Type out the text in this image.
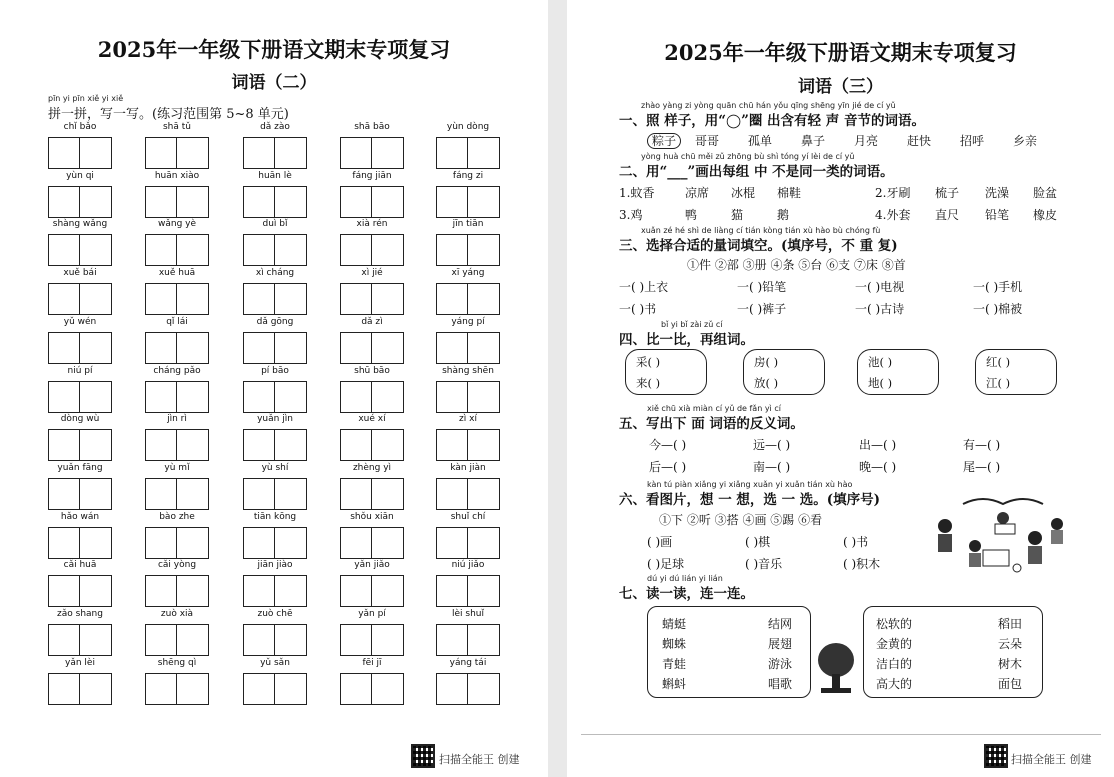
2025年一年级下册语文期末专项复习
词语（二）
pīn yi pīn xiě yi xiě
拼一拼，写一写。(练习范围第 5~8 单元)
chǐ bǎo	shā tǔ	dǎ zào	shā bāo	yùn dòng
yùn qi	huān xiào	huān lè	fáng jiān	fáng zi
shàng wǎng	wǎng yè	duì bǐ	xià rén	jīn tiān
xuě bái	xuě huā	xì cháng	xì jié	xī yáng
yǔ wén	qǐ lái	dǎ gōng	dǎ zì	yáng pí
niú pí	cháng pǎo	pí bāo	shū bāo	shàng shēn
dòng wù	jìn rì	yuǎn jìn	xué xí	zì xí
yuǎn fāng	yù mǐ	yù shí	zhèng yì	kàn jiàn
hǎo wán	bào zhe	tiān kōng	shǒu xiān	shuǐ chí
cǎi huā	cǎi yòng	jiān jiào	yǎn jiǎo	niú jiǎo
zǎo shang	zuò xià	zuò chē	yǎn pí	lèi shuǐ
yǎn lèi	shēng qì	yǔ sǎn	fēi jī	yáng tái
扫描全能王 创建
2025年一年级下册语文期末专项复习
词语（三）
zhào yàng zi yòng quān chū hán yǒu qīng shēng yīn jié de cí yǔ
一、照 样子，用“◯”圈 出含有轻 声 音节的词语。
粽子	哥哥 孤单 鼻子 月亮 赶快 招呼 乡亲
yòng huà chū měi zǔ zhōng bù shì tóng yí lèi de cí yǔ
二、用“___”画出每组 中 不是同一类的词语。
1.蚊香	凉席 冰棍 棉鞋	2.牙刷 梳子 洗澡 脸盆
3.鸡	鸭	猫	鹅	4.外套 直尺 铅笔 橡皮
xuǎn zé hé shì de liàng cí tián kòng tián xù hào bù chóng fù
三、选择合适的量词填空。(填序号，不 重 复)
①件 ②部 ③册 ④条 ⑤台 ⑥支 ⑦床 ⑧首
一( )上衣	一( )铅笔	一( )电视	一( )手机
一( )书	一( )裤子	一( )古诗	一( )棉被
bǐ yi bǐ zài zǔ cí
四、比一比，再组词。
采( )
来( )
房( )
放( )
池( )
地( )
红( )
江( )
xiě chū xià miàn cí yǔ de fǎn yì cí
五、写出下 面 词语的反义词。
今—( )	远—( )	出—( )	有—( )
后—( )	南—( )	晚—( )	尾—( )
kàn tú piàn xiǎng yi xiǎng xuǎn yi xuǎn tián xù hào
六、看图片，想 一 想，选 一 选。(填序号)
①下 ②听 ③搭 ④画 ⑤踢 ⑥看
( )画	( )棋	( )书
( )足球	( )音乐	( )积木
dú yi dú lián yi lián
七、读一读，连一连。
蜻蜓
蜘蛛
青蛙
蝌蚪
结网
展翅
游泳
唱歌
松软的
金黄的
洁白的
高大的
稻田
云朵
树木
面包
扫描全能王 创建
